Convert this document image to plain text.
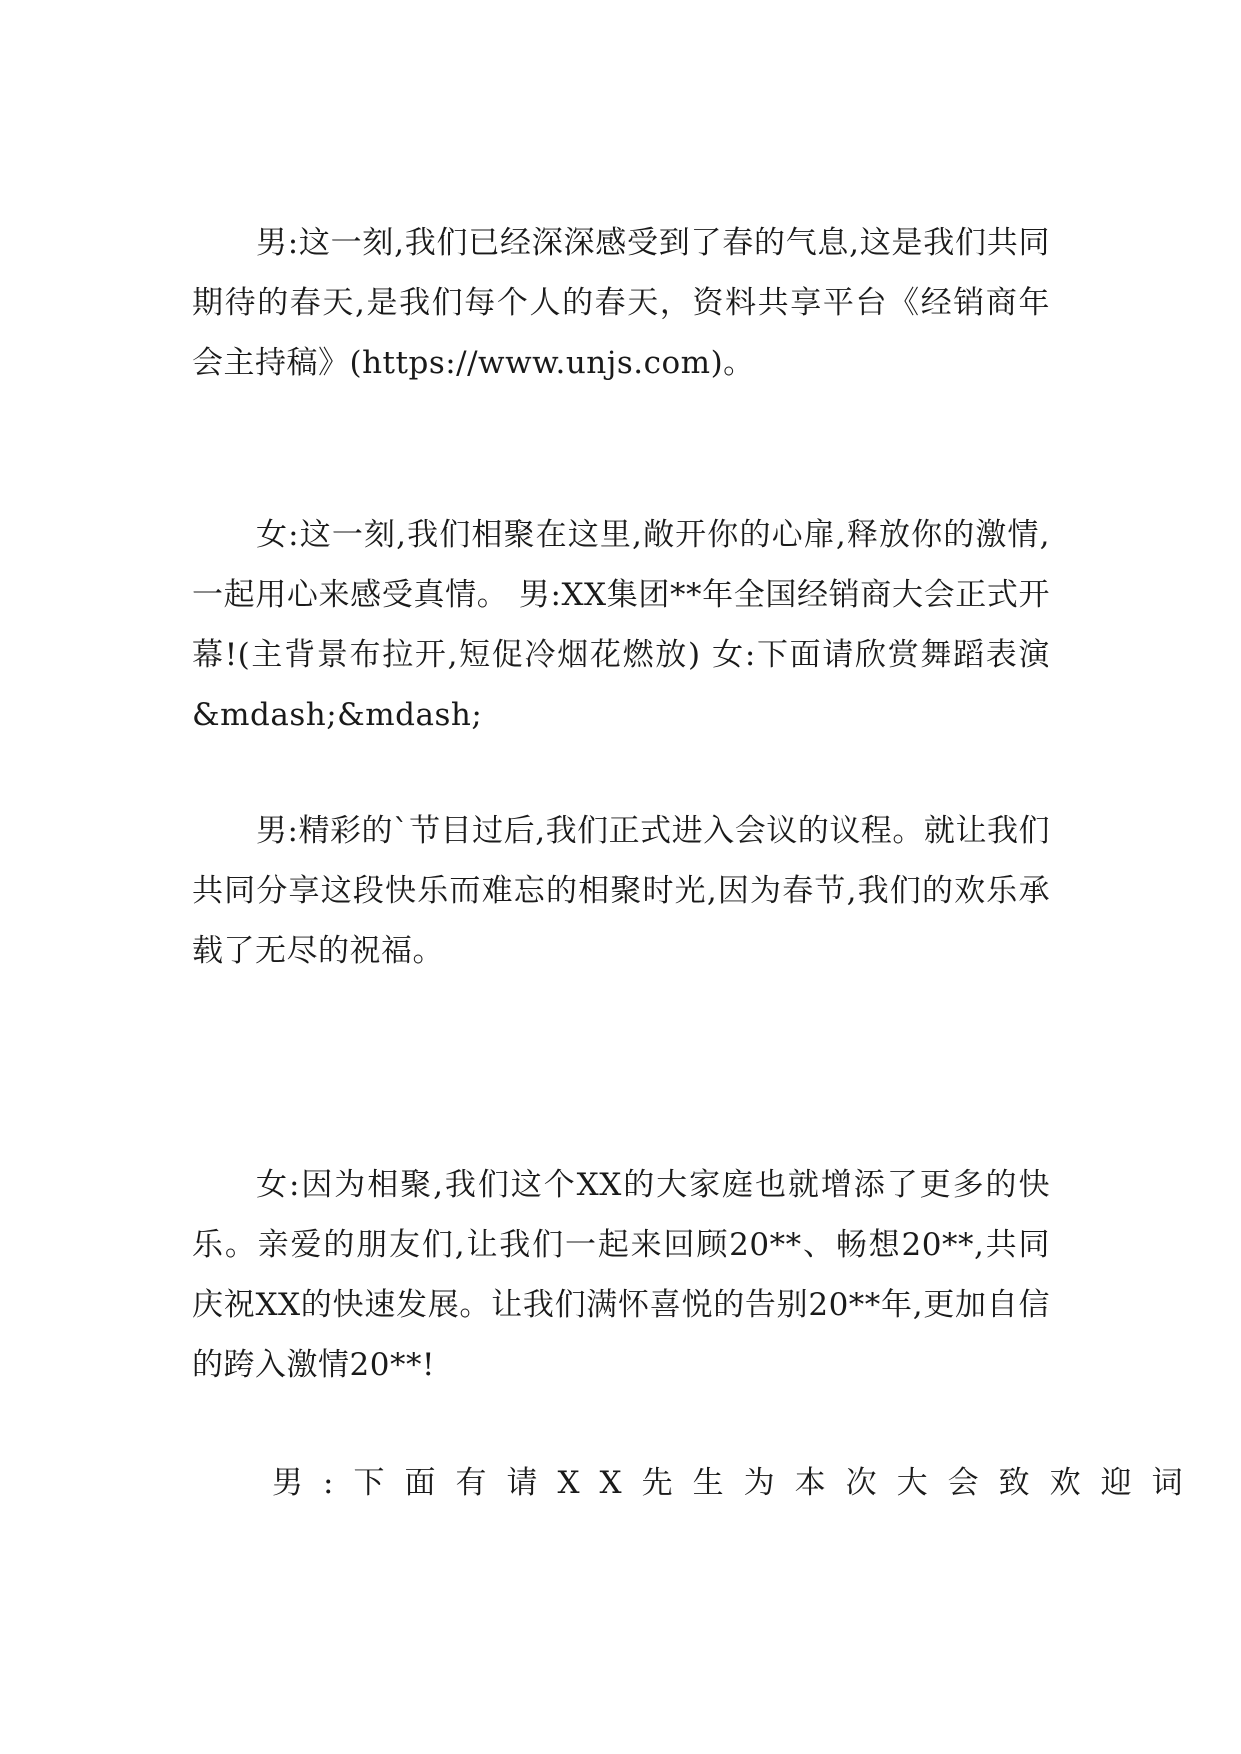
男:这一刻,我们已经深深感受到了春的气息,这是我们共同期待的春天,是我们每个人的春天，资料共享平台《经销商年会主持稿》(https://www.unjs.com)。

女:这一刻,我们相聚在这里,敞开你的心扉,释放你的激情,一起用心来感受真情。 男:XX集团**年全国经销商大会正式开幕!(主背景布拉开,短促冷烟花燃放) 女:下面请欣赏舞蹈表演&mdash;&mdash;

男:精彩的`节目过后,我们正式进入会议的议程。就让我们共同分享这段快乐而难忘的相聚时光,因为春节,我们的欢乐承载了无尽的祝福。

女:因为相聚,我们这个XX的大家庭也就增添了更多的快乐。亲爱的朋友们,让我们一起来回顾20**、畅想20**,共同庆祝XX的快速发展。让我们满怀喜悦的告别20**年,更加自信的跨入激情20**!

男:下面有请XX先生为本次大会致欢迎词
